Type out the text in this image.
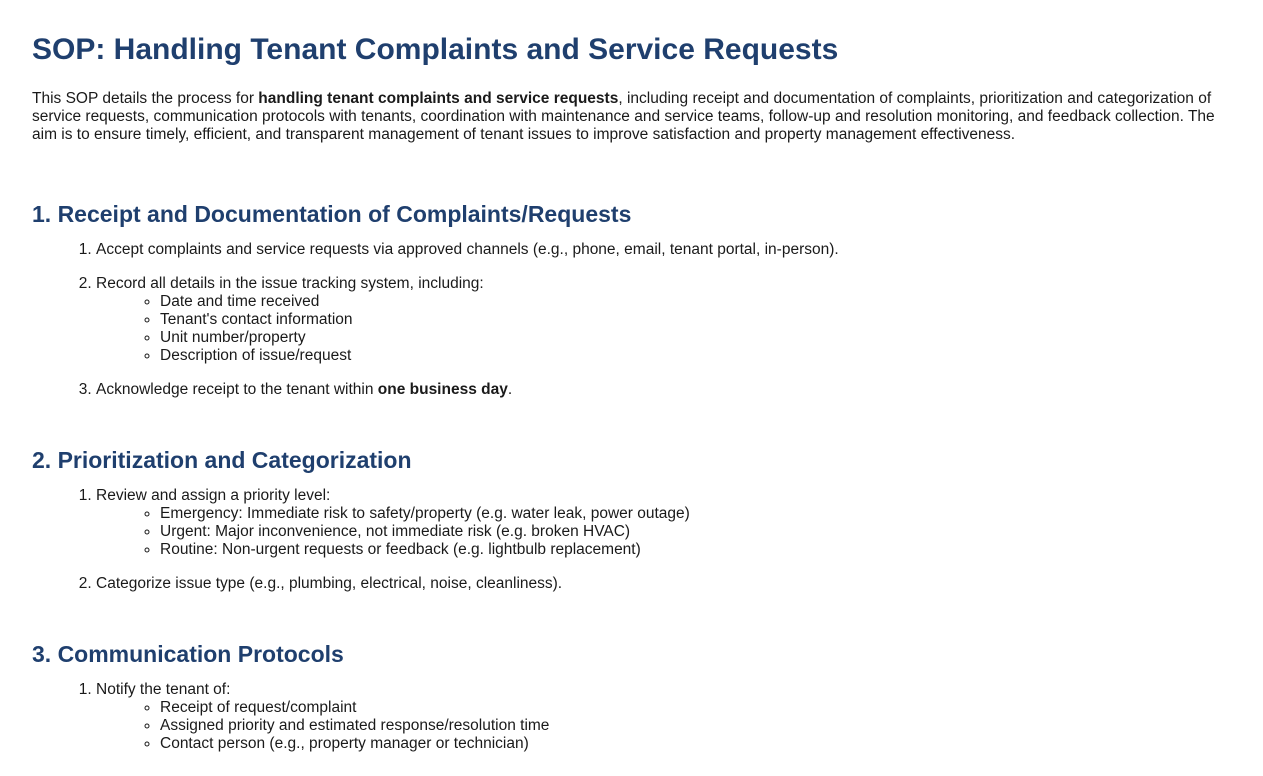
SOP: Handling Tenant Complaints and Service Requests

This SOP details the process for handling tenant complaints and service requests, including receipt and documentation of complaints, prioritization and categorization of service requests, communication protocols with tenants, coordination with maintenance and service teams, follow-up and resolution monitoring, and feedback collection. The aim is to ensure timely, efficient, and transparent management of tenant issues to improve satisfaction and property management effectiveness.

1. Receipt and Documentation of Complaints/Requests
1. Accept complaints and service requests via approved channels (e.g., phone, email, tenant portal, in-person).
2. Record all details in the issue tracking system, including:
◦ Date and time received
◦ Tenant's contact information
◦ Unit number/property
◦ Description of issue/request
3. Acknowledge receipt to the tenant within one business day.
2. Prioritization and Categorization
1. Review and assign a priority level:
◦ Emergency: Immediate risk to safety/property (e.g. water leak, power outage)
◦ Urgent: Major inconvenience, not immediate risk (e.g. broken HVAC)
◦ Routine: Non-urgent requests or feedback (e.g. lightbulb replacement)
2. Categorize issue type (e.g., plumbing, electrical, noise, cleanliness).
3. Communication Protocols
1. Notify the tenant of:
◦ Receipt of request/complaint
◦ Assigned priority and estimated response/resolution time
◦ Contact person (e.g., property manager or technician)
